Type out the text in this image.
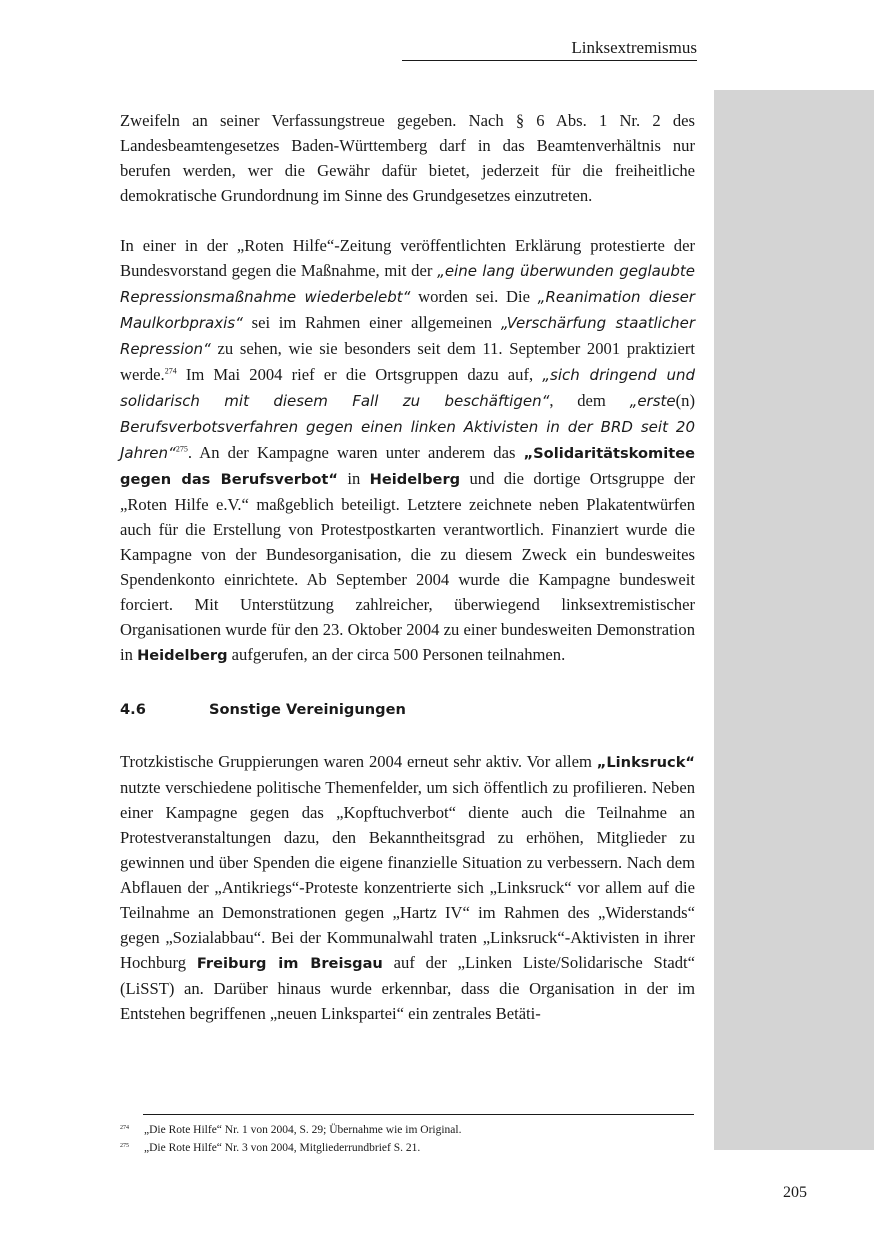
Linksextremismus

Zweifeln an seiner Verfassungstreue gegeben. Nach § 6 Abs. 1 Nr. 2 des Landesbeamtengesetzes Baden-Württemberg darf in das Beamtenverhältnis nur berufen werden, wer die Gewähr dafür bietet, jederzeit für die freiheitliche demokratische Grundordnung im Sinne des Grundgesetzes einzutreten.

In einer in der „Roten Hilfe“-Zeitung veröffentlichten Erklärung protestierte der Bundesvorstand gegen die Maßnahme, mit der „eine lang überwunden geglaubte Repressionsmaßnahme wiederbelebt“ worden sei. Die „Reanimation dieser Maulkorbpraxis“ sei im Rahmen einer allgemeinen „Verschärfung staatlicher Repression“ zu sehen, wie sie besonders seit dem 11. September 2001 praktiziert werde.$^{274}$ Im Mai 2004 rief er die Ortsgruppen dazu auf, „sich dringend und solidarisch mit diesem Fall zu beschäftigen“, dem „erste(n) Berufsverbotsverfahren gegen einen linken Aktivisten in der BRD seit 20 Jahren“$^{275}$. An der Kampagne waren unter anderem das „Solidaritätskomitee gegen das Berufsverbot“ in Heidelberg und die dortige Ortsgruppe der „Roten Hilfe e.V.“ maßgeblich beteiligt. Letztere zeichnete neben Plakatentwürfen auch für die Erstellung von Protestpostkarten verantwortlich. Finanziert wurde die Kampagne von der Bundesorganisation, die zu diesem Zweck ein bundesweites Spendenkonto einrichtete. Ab September 2004 wurde die Kampagne bundesweit forciert. Mit Unterstützung zahlreicher, überwiegend linksextremistischer Organisationen wurde für den 23. Oktober 2004 zu einer bundesweiten Demonstration in Heidelberg aufgerufen, an der circa 500 Personen teilnahmen.

4.6	Sonstige Vereinigungen

Trotzkistische Gruppierungen waren 2004 erneut sehr aktiv. Vor allem „Linksruck“ nutzte verschiedene politische Themenfelder, um sich öffentlich zu profilieren. Neben einer Kampagne gegen das „Kopftuchverbot“ diente auch die Teilnahme an Protestveranstaltungen dazu, den Bekanntheitsgrad zu erhöhen, Mitglieder zu gewinnen und über Spenden die eigene finanzielle Situation zu verbessern. Nach dem Abflauen der „Antikriegs“-Proteste konzentrierte sich „Linksruck“ vor allem auf die Teilnahme an Demonstrationen gegen „Hartz IV“ im Rahmen des „Widerstands“ gegen „Sozialabbau“. Bei der Kommunalwahl traten „Linksruck“-Aktivisten in ihrer Hochburg Freiburg im Breisgau auf der „Linken Liste/Solidarische Stadt“ (LiSST) an. Darüber hinaus wurde erkennbar, dass die Organisation in der im Entstehen begriffenen „neuen Linkspartei“ ein zentrales Betäti-

274 „Die Rote Hilfe“ Nr. 1 von 2004, S. 29; Übernahme wie im Original.
275 „Die Rote Hilfe“ Nr. 3 von 2004, Mitgliederrundbrief S. 21.
205
